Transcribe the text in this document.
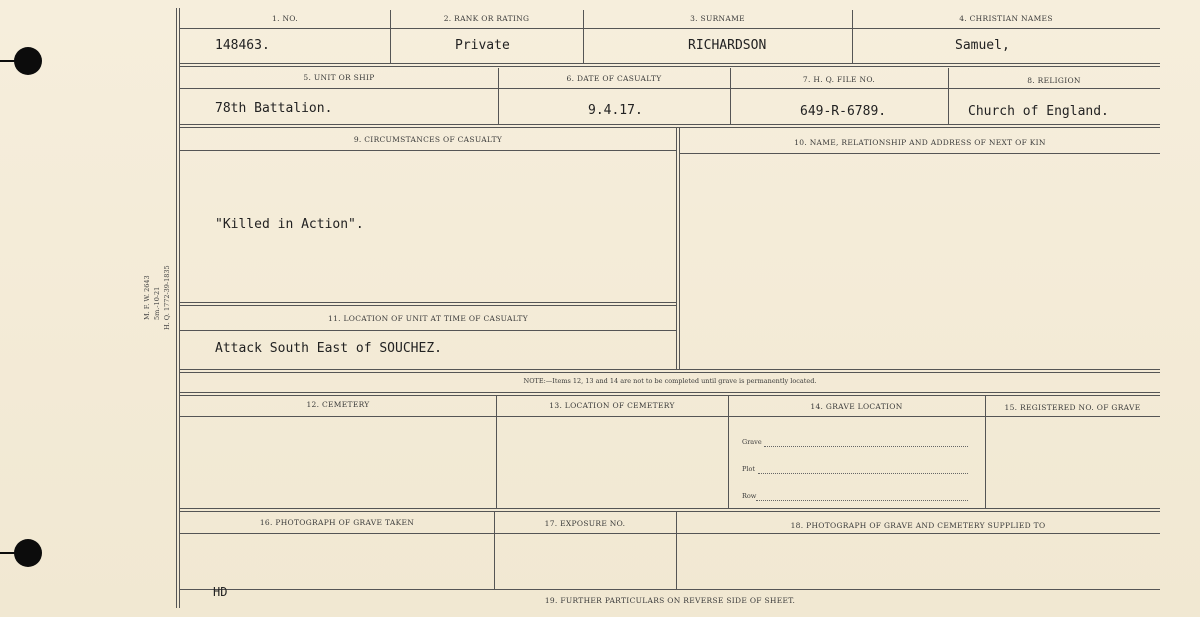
M. F. W. 2643 5m.-10-21 H. Q. 1772-39-1835
1. NO.	2. RANK OR RATING	3. SURNAME	4. CHRISTIAN NAMES
148463.	Private	RICHARDSON	Samuel,
5. UNIT OR SHIP	6. DATE OF CASUALTY	7. H. Q. FILE NO.	8. RELIGION
78th Battalion.	9.4.17.	649-R-6789.	Church of England.
9. CIRCUMSTANCES OF CASUALTY	10. NAME, RELATIONSHIP AND ADDRESS OF NEXT OF KIN
"Killed in Action".
11. LOCATION OF UNIT AT TIME OF CASUALTY
Attack South East of SOUCHEZ.
NOTE:—Items 12, 13 and 14 are not to be completed until grave is permanently located.
12. CEMETERY	13. LOCATION OF CEMETERY	14. GRAVE LOCATION	15. REGISTERED NO. OF GRAVE
Grave
Plot
Row
16. PHOTOGRAPH OF GRAVE TAKEN	17. EXPOSURE NO.	18. PHOTOGRAPH OF GRAVE AND CEMETERY SUPPLIED TO
HD
19. FURTHER PARTICULARS ON REVERSE SIDE OF SHEET.
